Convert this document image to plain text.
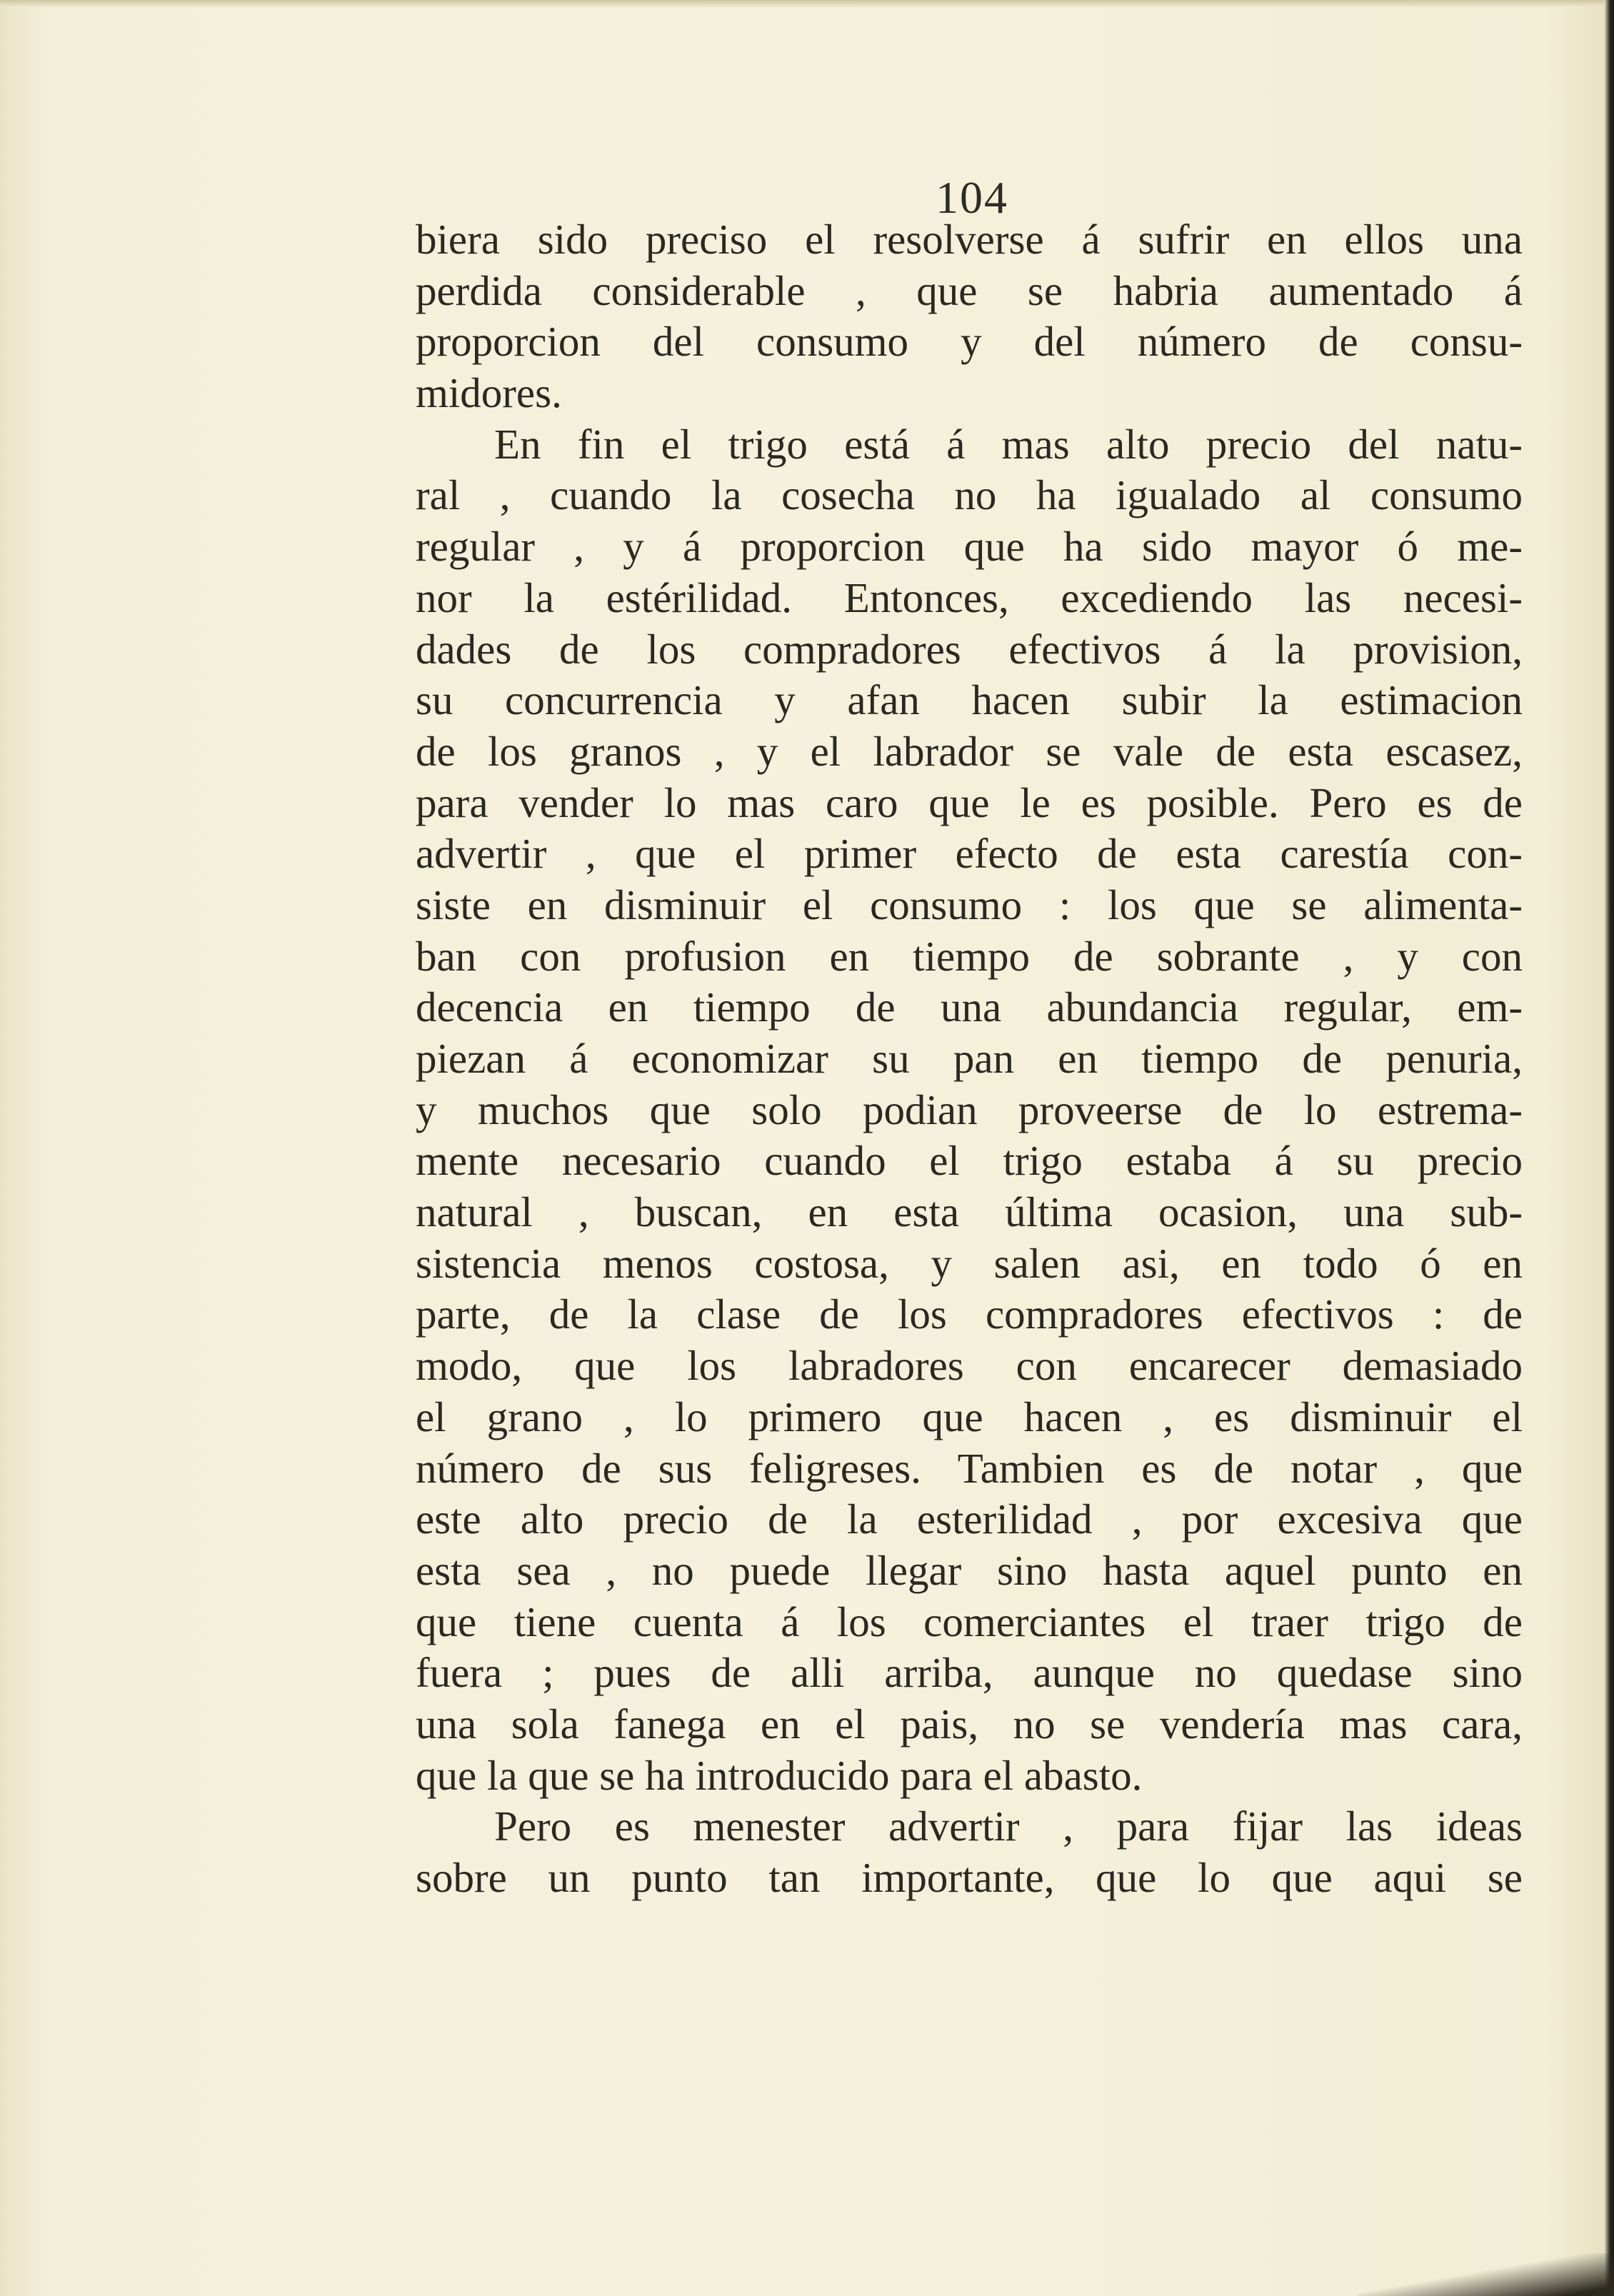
104
biera sido preciso el resolverse á sufrir en ellos una
perdida considerable , que se habria aumentado á
proporcion del consumo y del número de consu-
midores.
En fin el trigo está á mas alto precio del natu-
ral , cuando la cosecha no ha igualado al consumo
regular , y á proporcion que ha sido mayor ó me-
nor la estérilidad. Entonces, excediendo las necesi-
dades de los compradores efectivos á la provision,
su concurrencia y afan hacen subir la estimacion
de los granos , y el labrador se vale de esta escasez,
para vender lo mas caro que le es posible. Pero es de
advertir , que el primer efecto de esta carestía con-
siste en disminuir el consumo : los que se alimenta-
ban con profusion en tiempo de sobrante , y con
decencia en tiempo de una abundancia regular, em-
piezan á economizar su pan en tiempo de penuria,
y muchos que solo podian proveerse de lo estrema-
mente necesario cuando el trigo estaba á su precio
natural , buscan, en esta última ocasion, una sub-
sistencia menos costosa, y salen asi, en todo ó en
parte, de la clase de los compradores efectivos : de
modo, que los labradores con encarecer demasiado
el grano , lo primero que hacen , es disminuir el
número de sus feligreses. Tambien es de notar , que
este alto precio de la esterilidad , por excesiva que
esta sea , no puede llegar sino hasta aquel punto en
que tiene cuenta á los comerciantes el traer trigo de
fuera ; pues de alli arriba, aunque no quedase sino
una sola fanega en el pais, no se vendería mas cara,
que la que se ha introducido para el abasto.
Pero es menester advertir , para fijar las ideas
sobre un punto tan importante, que lo que aqui se
